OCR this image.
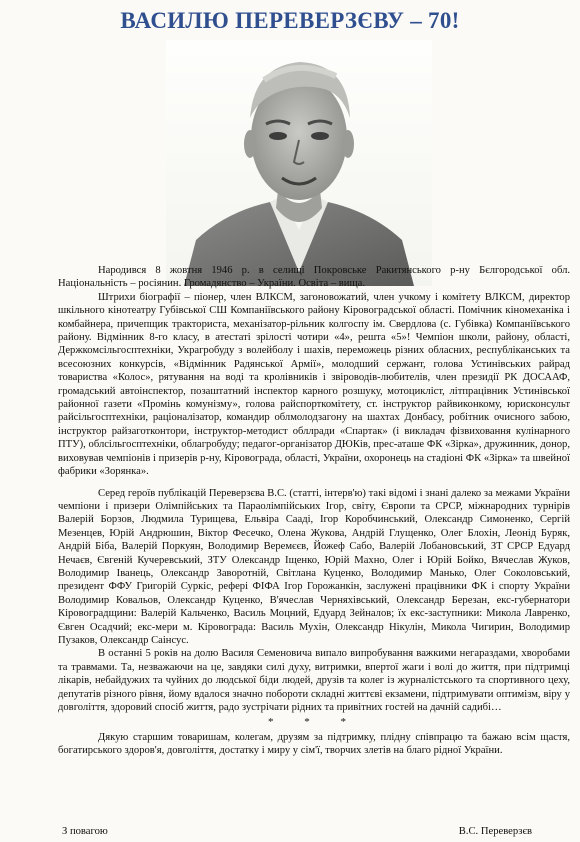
ВАСИЛЮ ПЕРЕВЕРЗЄВУ – 70!

Народився 8 жовтня 1946 р. в селищі Покровське Ракитянського р-ну Бєлгородської обл. Національність – росіянин. Громадянство – України. Освіта – вища.

Штрихи біографії – піонер, член ВЛКСМ, загоновожатий, член учкому і комітету ВЛКСМ, директор шкільного кінотеатру Губівської СШ Компаніївського району Кіровоградської області. Помічник кіномеханіка і комбайнера, причепщик тракториста, механізатор-рільник колгоспу ім. Свердлова (с. Губівка) Компаніївського району. Відмінник 8-го класу, в атестаті зрілості чотири «4», решта «5»! Чемпіон школи, району, області, Держкомсільгосптехніки, Украгробуду з волейболу і шахів, переможець різних обласних, республіканських та всесоюзних конкурсів, «Відмінник Радянської Армії», молодший сержант, голова Устинівських райрад товариства «Колос», рятування на воді та кролівників і звіроводів-любителів, член президії РК ДОСААФ, громадський автоінспектор, позаштатний інспектор карного розшуку, мотоцикліст, літпрацівник Устинівської районної газети «Промінь комунізму», голова райспорткомітету, ст. інструктор райвиконкому, юрисконсульт райсільгосптехніки, раціоналізатор, командир облмолодзагону на шахтах Донбасу, робітник очисного забою, інструктор райзаготконтори, інструктор-методист обллради «Спартак» (і викладач фізвиховання кулінарного ПТУ), облсільгосптехніки, облагробуду; педагог-організатор ДЮКів, прес-аташе ФК «Зірка», дружинник, донор, виховував чемпіонів і призерів р-ну, Кіровограда, області, України, охоронець на стадіоні ФК «Зірка» та швейної фабрики «Зорянка».

Серед героїв публікацій Переверзєва В.С. (статті, інтерв'ю) такі відомі і знані далеко за межами України чемпіони і призери Олімпійських та Параолімпійських Ігор, світу, Європи та СРСР, міжнародних турнірів Валерій Борзов, Людмила Турищева, Ельвіра Сааді, Ігор Коробчинський, Олександр Симоненко, Сергій Мезенцев, Юрій Андрюшин, Віктор Фесечко, Олена Жукова, Андрій Глущенко, Олег Блохін, Леонід Буряк, Андрій Біба, Валерій Поркуян, Володимир Веремєєв, Йожеф Сабо, Валерій Лобановський, ЗТ СРСР Едуард Нечаєв, Євгеній Кучеревський, ЗТУ Олександр Іщенко, Юрій Махно, Олег і Юрій Бойко, Вячеслав Жуков, Володимир Іванець, Олександр Заворотній, Світлана Куценко, Володимир Манько, Олег Соколовський, президент ФФУ Григорій Суркіс, рефері ФІФА Ігор Горожанкін, заслужені працівники ФК і спорту України Володимир Ковальов, Олександр Куценко, В'ячеслав Черняхівський, Олександр Березан, екс-губернатори Кіровоградщини: Валерій Кальченко, Василь Моцний, Едуард Зейналов; їх екс-заступники: Микола Лавренко, Євген Осадчий; екс-мери м. Кіровограда: Василь Мухін, Олександр Нікулін, Микола Чигирин, Володимир Пузаков, Олександр Саінсус.

В останні 5 років на долю Василя Семеновича випало випробування важкими негараздами, хворобами та травмами. Та, незважаючи на це, завдяки силі духу, витримки, впертої жаги і волі до життя, при підтримці лікарів, небайдужих та чуйних до людської біди людей, друзів та колег із журналістського та спортивного цеху, депутатів різного рівня, йому вдалося значно побороти складні життєві екзамени, підтримувати оптимізм, віру у довголіття, здоровий спосіб життя, радо зустрічати рідних та привітних гостей на дачній садибі…

* * *

Дякую старшим товаришам, колегам, друзям за підтримку, плідну співпрацю та бажаю всім щастя, богатирського здоров'я, довголіття, достатку і миру у сім'ї, творчих злетів на благо рідної України.

З повагою	В.С. Переверзєв
